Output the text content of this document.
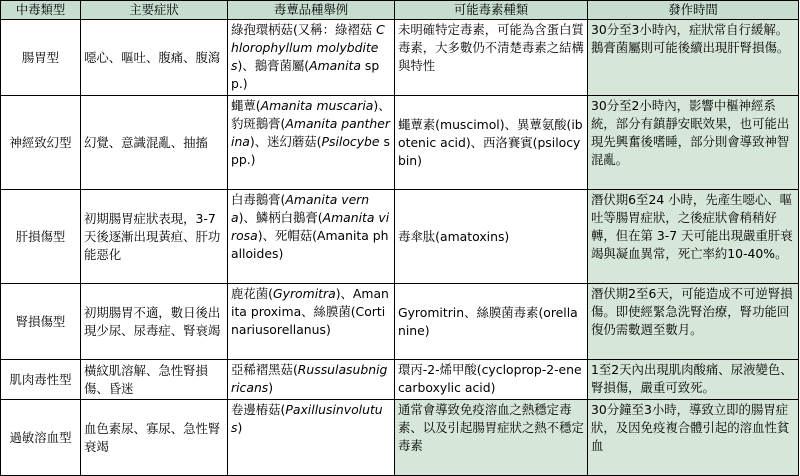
中毒類型	主要症狀	毒蕈品種舉例	可能毒素種類	發作時間
腸胃型	噁心、嘔吐、腹痛、腹瀉	綠孢環柄菇(又稱：綠褶菇 Chlorophyllum molybdites)、鵝膏菌屬(Amanita spp.)	未明確特定毒素，可能為含蛋白質毒素，大多數仍不清楚毒素之結構與特性	30分至3小時內，症狀常自行緩解。鵝膏菌屬則可能後續出現肝腎損傷。
神經致幻型	幻覺、意識混亂、抽搐	蠅蕈(Amanita muscaria)、豹斑鵝膏(Amanita pantherina)、迷幻蘑菇(Psilocybe spp.)	蠅蕈素(muscimol)、異蕈氨酸(ibotenic acid)、西洛賽賓(psilocybin)	30分至2小時內，影響中樞神經系統，部分有鎮靜安眠效果，也可能出現先興奮後嗜睡，部分則會導致神智混亂。
肝損傷型	初期腸胃症狀表現，3-7天後逐漸出現黃疸、肝功能惡化	白毒鵝膏(Amanita verna)、鱗柄白鵝膏(Amanita virosa)、死帽菇(Amanita phalloides)	毒傘肽(amatoxins)	潛伏期6至24 小時，先產生噁心、嘔吐等腸胃症狀，之後症狀會稍稍好轉，但在第 3-7 天可能出現嚴重肝衰竭與凝血異常，死亡率約10-40%。
腎損傷型	初期腸胃不適，數日後出現少尿、尿毒症、腎衰竭	鹿花菌(Gyromitra)、Amanita proxima、絲膜菌(Cortinariusorellanus)	Gyromitrin、絲膜菌毒素(orellanine)	潛伏期2至6天，可能造成不可逆腎損傷。即使經緊急洗腎治療，腎功能回復仍需數週至數月。
肌肉毒性型	橫紋肌溶解、急性腎損傷、昏迷	亞稀褶黑菇(Russulasubnigricans)	環丙-2-烯甲酸(cycloprop-2-ene carboxylic acid)	1至2天內出現肌肉酸痛、尿液變色、腎損傷，嚴重可致死。
過敏溶血型	血色素尿、寡尿、急性腎衰竭	卷邊樁菇(Paxillusinvolutus)	通常會導致免疫溶血之熱穩定毒素、以及引起腸胃症狀之熱不穩定毒素	30分鐘至3小時，導致立即的腸胃症狀，及因免疫複合體引起的溶血性貧血
